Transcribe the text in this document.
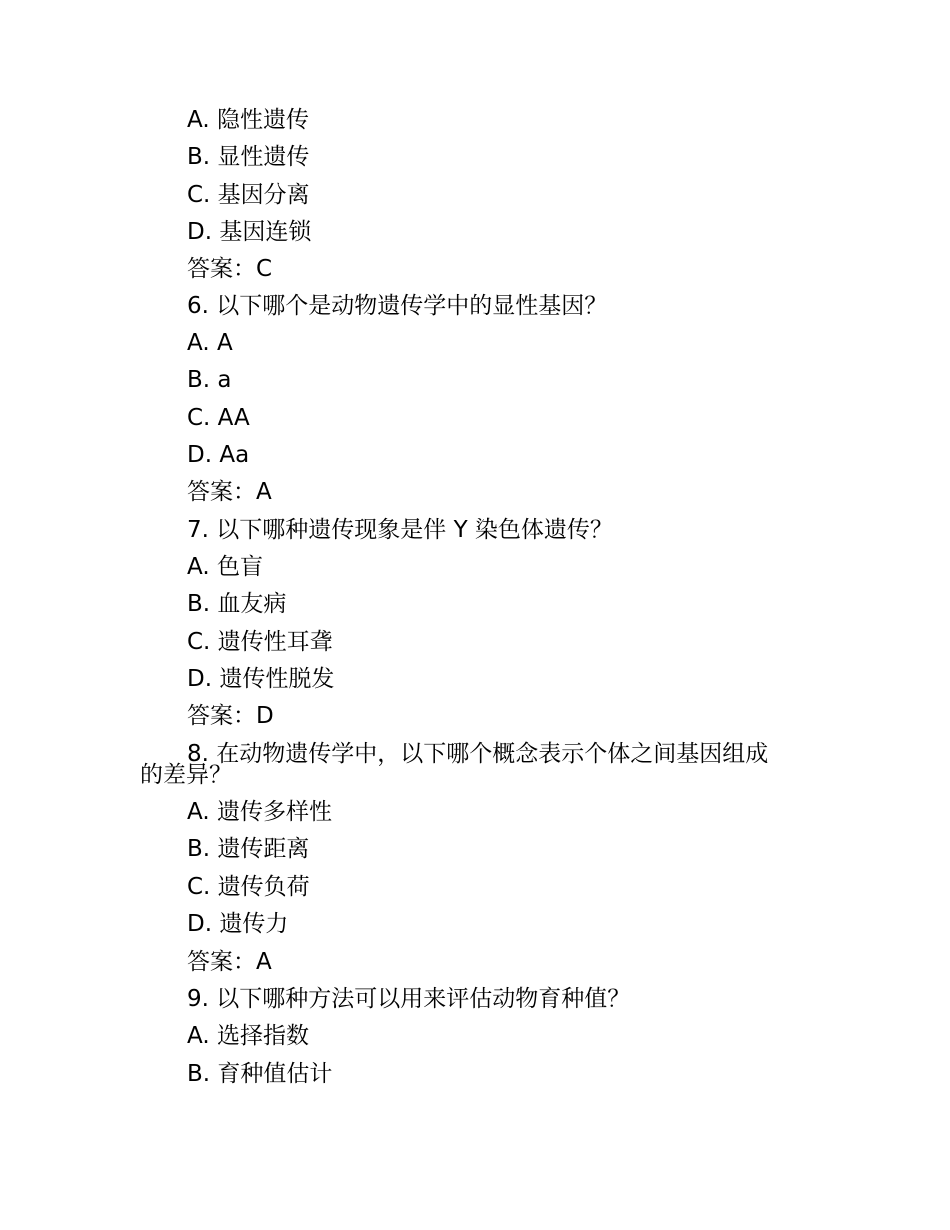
A. 隐性遗传
B. 显性遗传
C. 基因分离
D. 基因连锁
答案：C
6. 以下哪个是动物遗传学中的显性基因？
A. A
B. a
C. AA
D. Aa
答案：A
7. 以下哪种遗传现象是伴 Y 染色体遗传？
A. 色盲
B. 血友病
C. 遗传性耳聋
D. 遗传性脱发
答案：D
8. 在动物遗传学中，以下哪个概念表示个体之间基因组成
的差异？
A. 遗传多样性
B. 遗传距离
C. 遗传负荷
D. 遗传力
答案：A
9. 以下哪种方法可以用来评估动物育种值？
A. 选择指数
B. 育种值估计
